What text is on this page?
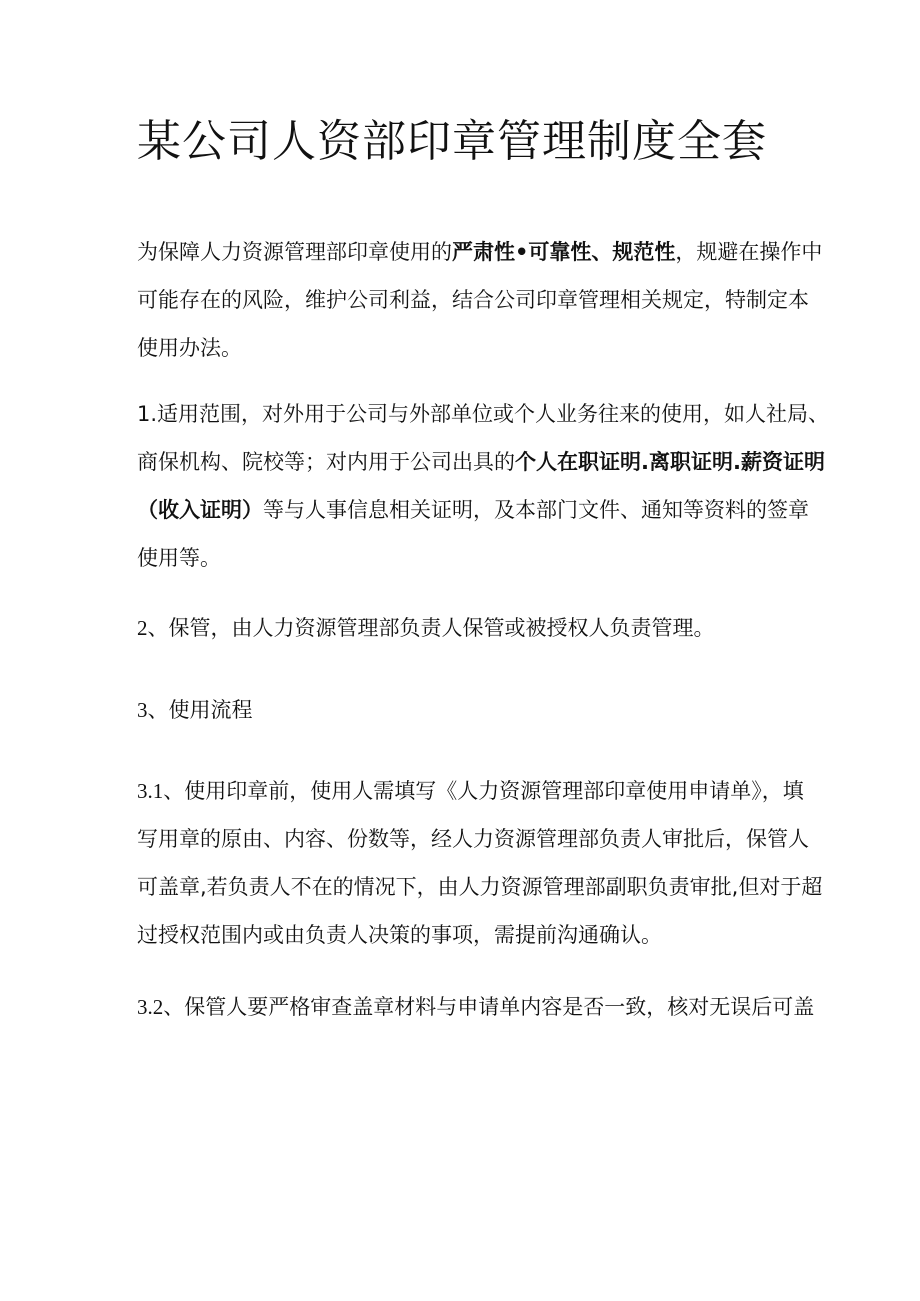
某公司人资部印章管理制度全套
为保障人力资源管理部印章使用的严肃性•可靠性、规范性，规避在操作中
可能存在的风险，维护公司利益，结合公司印章管理相关规定，特制定本
使用办法。
1.适用范围，对外用于公司与外部单位或个人业务往来的使用，如人社局、
商保机构、院校等；对内用于公司出具的个人在职证明.离职证明.薪资证明
（收入证明）等与人事信息相关证明，及本部门文件、通知等资料的签章
使用等。
2、保管，由人力资源管理部负责人保管或被授权人负责管理。
3、使用流程
3.1、使用印章前，使用人需填写《人力资源管理部印章使用申请单》，填
写用章的原由、内容、份数等，经人力资源管理部负责人审批后，保管人
可盖章,若负责人不在的情况下，由人力资源管理部副职负责审批,但对于超
过授权范围内或由负责人决策的事项，需提前沟通确认。
3.2、保管人要严格审查盖章材料与申请单内容是否一致，核对无误后可盖
